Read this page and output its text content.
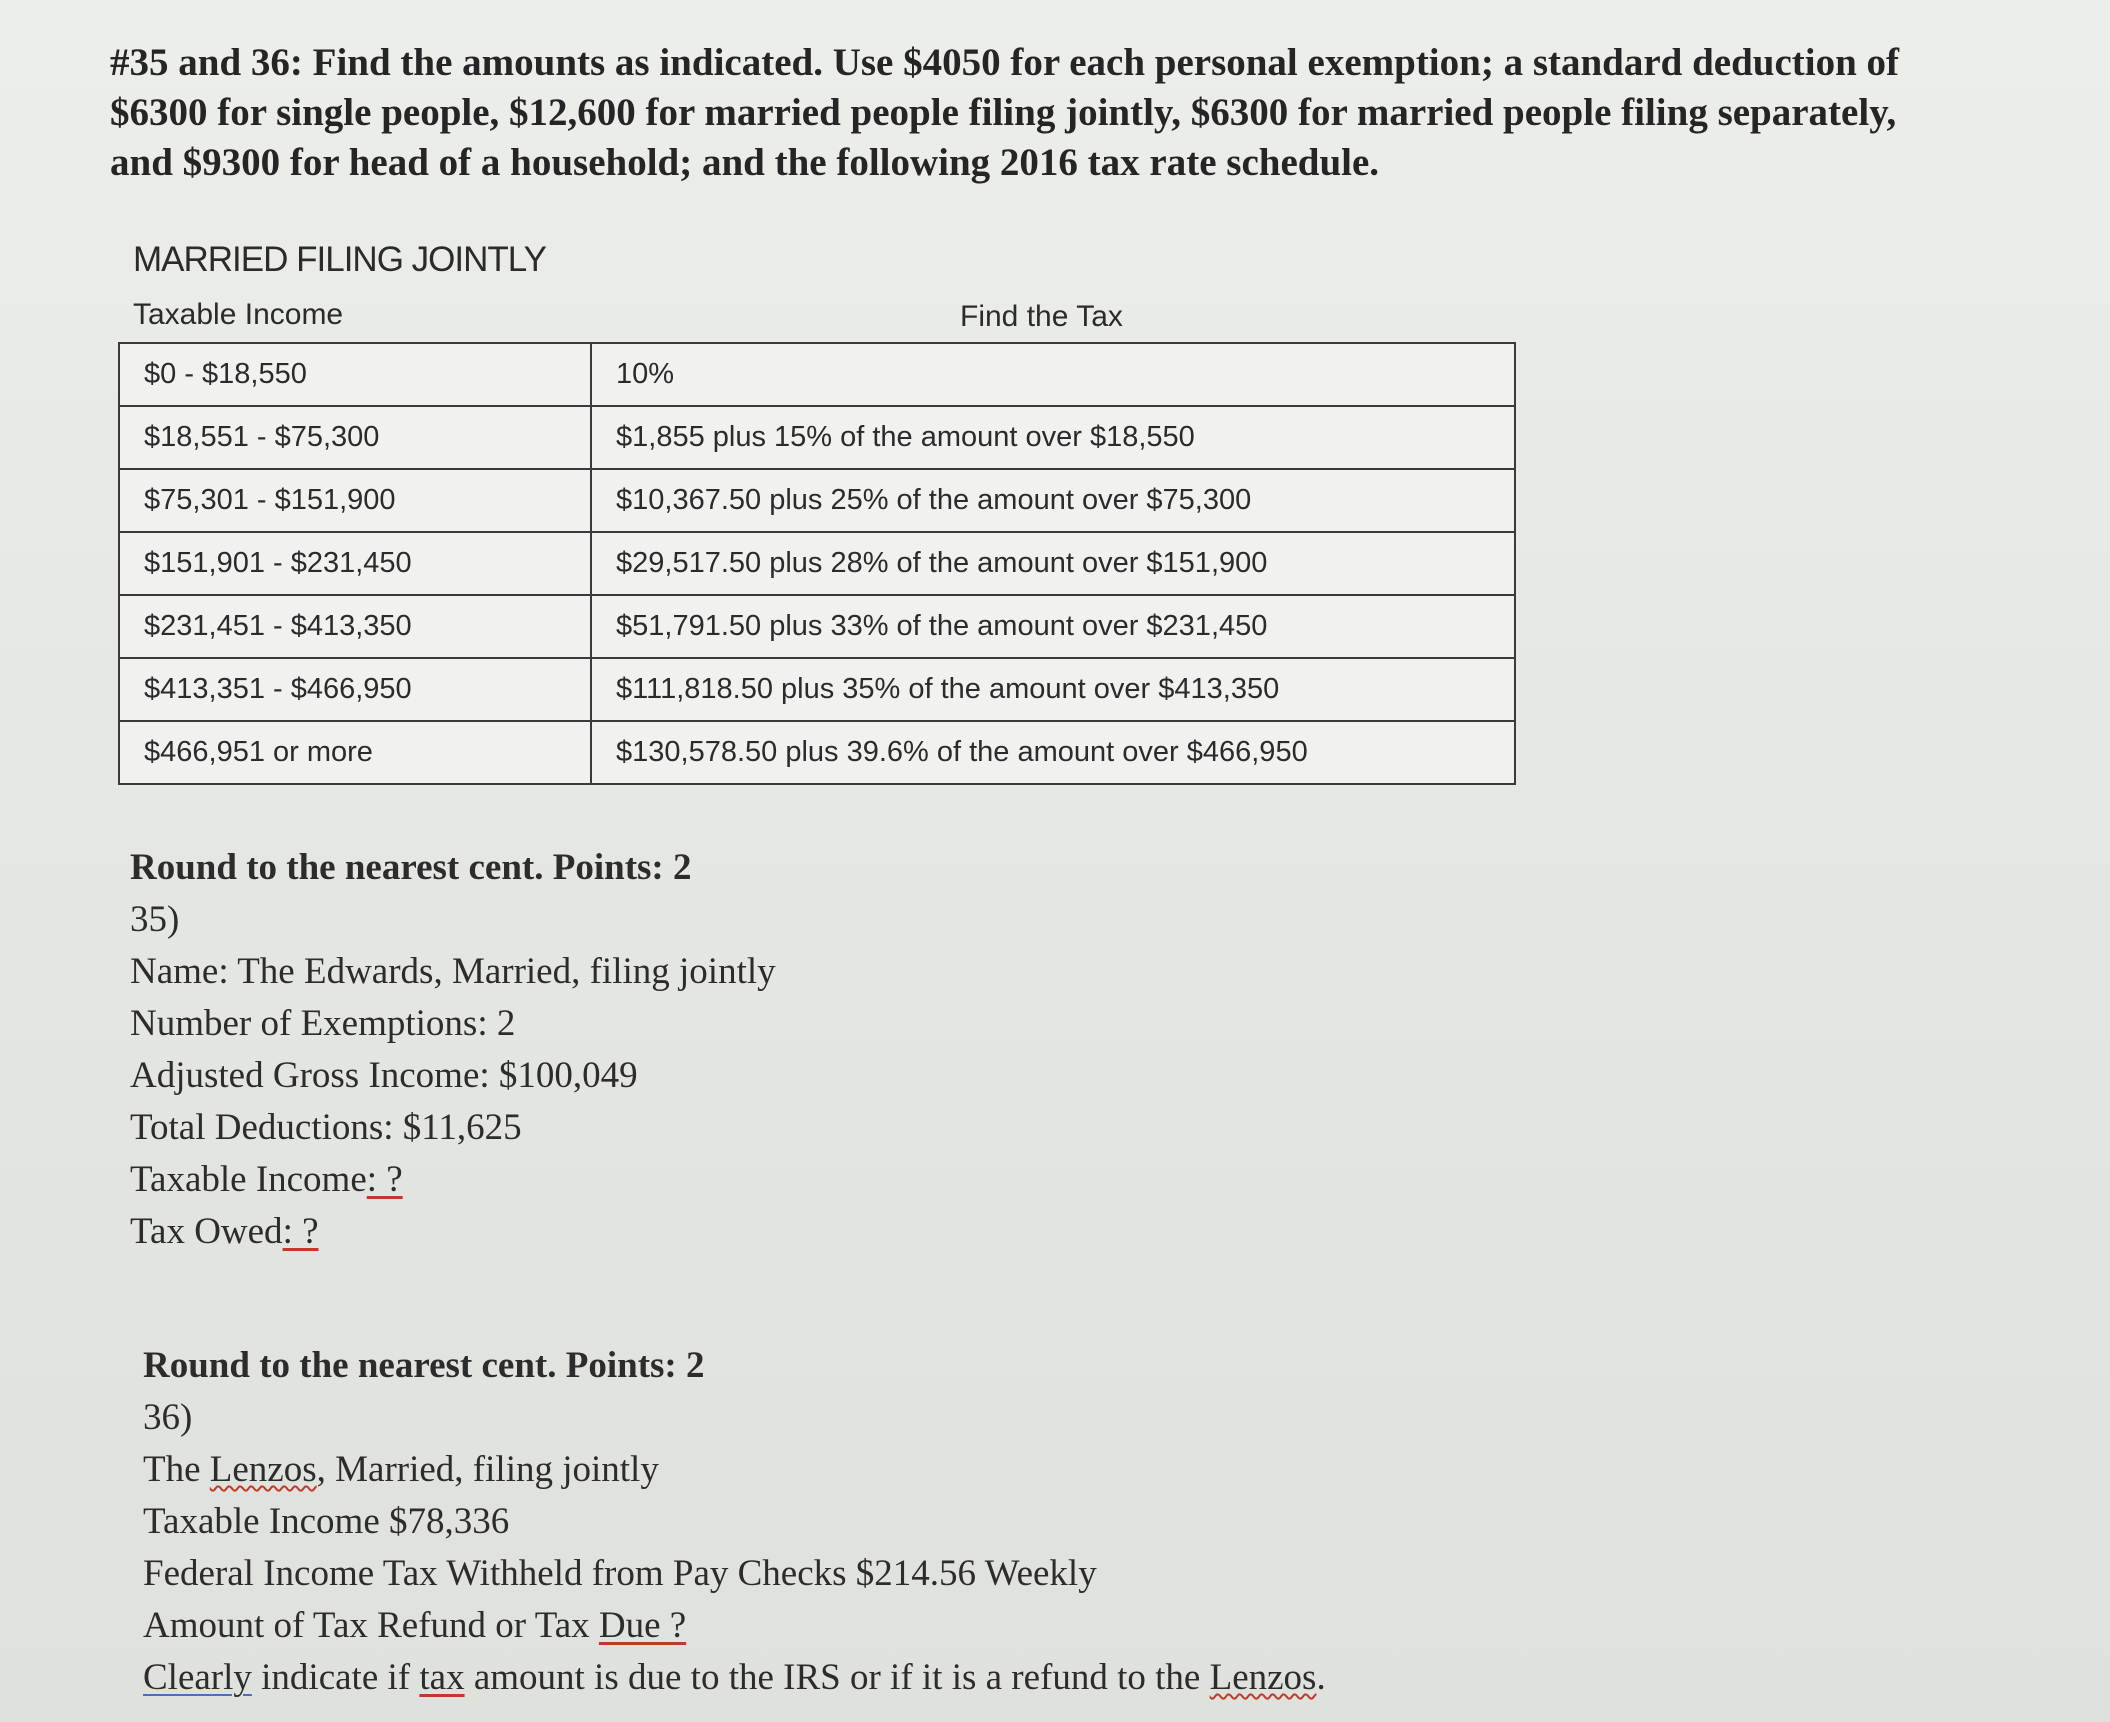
#35 and 36: Find the amounts as indicated. Use $4050 for each personal exemption; a standard deduction of

$6300 for single people, $12,600 for married people filing jointly, $6300 for married people filing separately,

and $9300 for head of a household; and the following 2016 tax rate schedule.

MARRIED FILING JOINTLY
Taxable Income	Find the Tax
$0 - $18,550	10%
$18,551 - $75,300	$1,855 plus 15% of the amount over $18,550
$75,301 - $151,900	$10,367.50 plus 25% of the amount over $75,300
$151,901 - $231,450	$29,517.50 plus 28% of the amount over $151,900
$231,451 - $413,350	$51,791.50 plus 33% of the amount over $231,450
$413,351 - $466,950	$111,818.50 plus 35% of the amount over $413,350
$466,951 or more	$130,578.50 plus 39.6% of the amount over $466,950
Round to the nearest cent. Points: 2
35)
Name: The Edwards, Married, filing jointly
Number of Exemptions: 2
Adjusted Gross Income: $100,049
Total Deductions: $11,625
Taxable Income: ?
Tax Owed: ?
Round to the nearest cent. Points: 2
36)
The Lenzos, Married, filing jointly
Taxable Income $78,336
Federal Income Tax Withheld from Pay Checks $214.56 Weekly
Amount of Tax Refund or Tax Due ?
Clearly indicate if tax amount is due to the IRS or if it is a refund to the Lenzos.
